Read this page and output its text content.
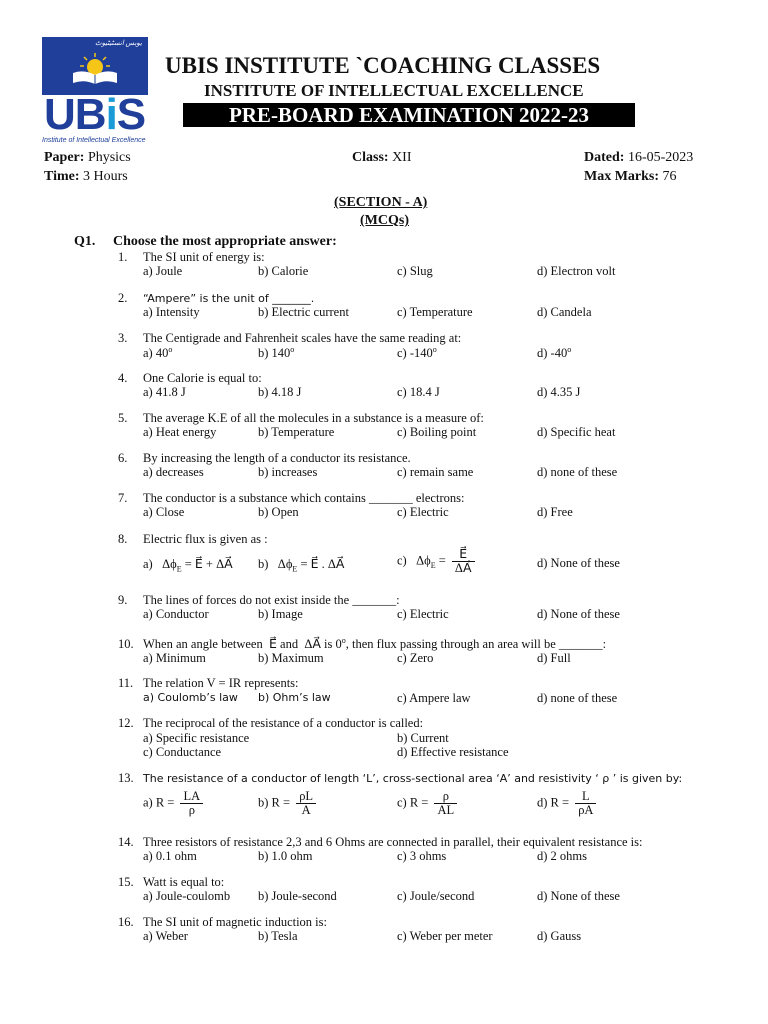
یوبس انسٹیٹیوٹ
UBiS
Institute of Intellectual Excellence
UBIS INSTITUTE `COACHING CLASSES
INSTITUTE OF INTELLECTUAL EXCELLENCE
PRE-BOARD EXAMINATION 2022-23
Paper: Physics	Class: XII	Dated: 16-05-2023
Time: 3 Hours	Max Marks: 76
(SECTION - A)
(MCQs)
Q1. Choose the most appropriate answer:
1. The SI unit of energy is:
a) Joule	b) Calorie	c) Slug	d) Electron volt
2. “Ampere” is the unit of _______.
a) Intensity	b) Electric current	c) Temperature	d) Candela
3. The Centigrade and Fahrenheit scales have the same reading at:
a) 40$^o$	b) 140$^o$	c) -140$^o$	d) -40$^o$
4. One Calorie is equal to:
a) 41.8 J	b) 4.18 J	c) 18.4 J	d) 4.35 J
5. The average K.E of all the molecules in a substance is a measure of:
a) Heat energy	b) Temperature	c) Boiling point	d) Specific heat
6. By increasing the length of a conductor its resistance.
a) decreases	b) increases	c) remain same	d) none of these
7. The conductor is a substance which contains _______ electrons:
a) Close	b) Open	c) Electric	d) Free
8. Electric flux is given as :
a) $\Delta\phi_E$ = E⃗ + ΔA⃗ b) $\Delta\phi_E$ = E⃗ . ΔA⃗	c) $\Delta\phi_E = \frac{E⃗}{\Delta A⃗}$	d) None of these
9. The lines of forces do not exist inside the _______:
a) Conductor	b) Image	c) Electric	d) None of these
10. When an angle between E⃗ and ΔA⃗ is 0$^o$, then flux passing through an area will be _______:
a) Minimum	b) Maximum	c) Zero	d) Full
11. The relation V = IR represents:
a) Coulomb’s law b) Ohm’s law	c) Ampere law	d) none of these
12. The reciprocal of the resistance of a conductor is called:
a) Specific resistance	b) Current
c) Conductance	d) Effective resistance
13. The resistance of a conductor of length ‘L’, cross-sectional area ‘A’ and resistivity ‘ ρ ’ is given by:
a) $R = \frac{LA}{\rho}$	b) $R = \frac{\rho L}{A}$	c) $R = \frac{\rho}{AL}$	d) $R = \frac{L}{\rho A}$
14. Three resistors of resistance 2,3 and 6 Ohms are connected in parallel, their equivalent resistance is:
a) 0.1 ohm	b) 1.0 ohm	c) 3 ohms	d) 2 ohms
15. Watt is equal to:
a) Joule-coulomb b) Joule-second	c) Joule/second	d) None of these
16. The SI unit of magnetic induction is:
a) Weber	b) Tesla	c) Weber per meter	d) Gauss
